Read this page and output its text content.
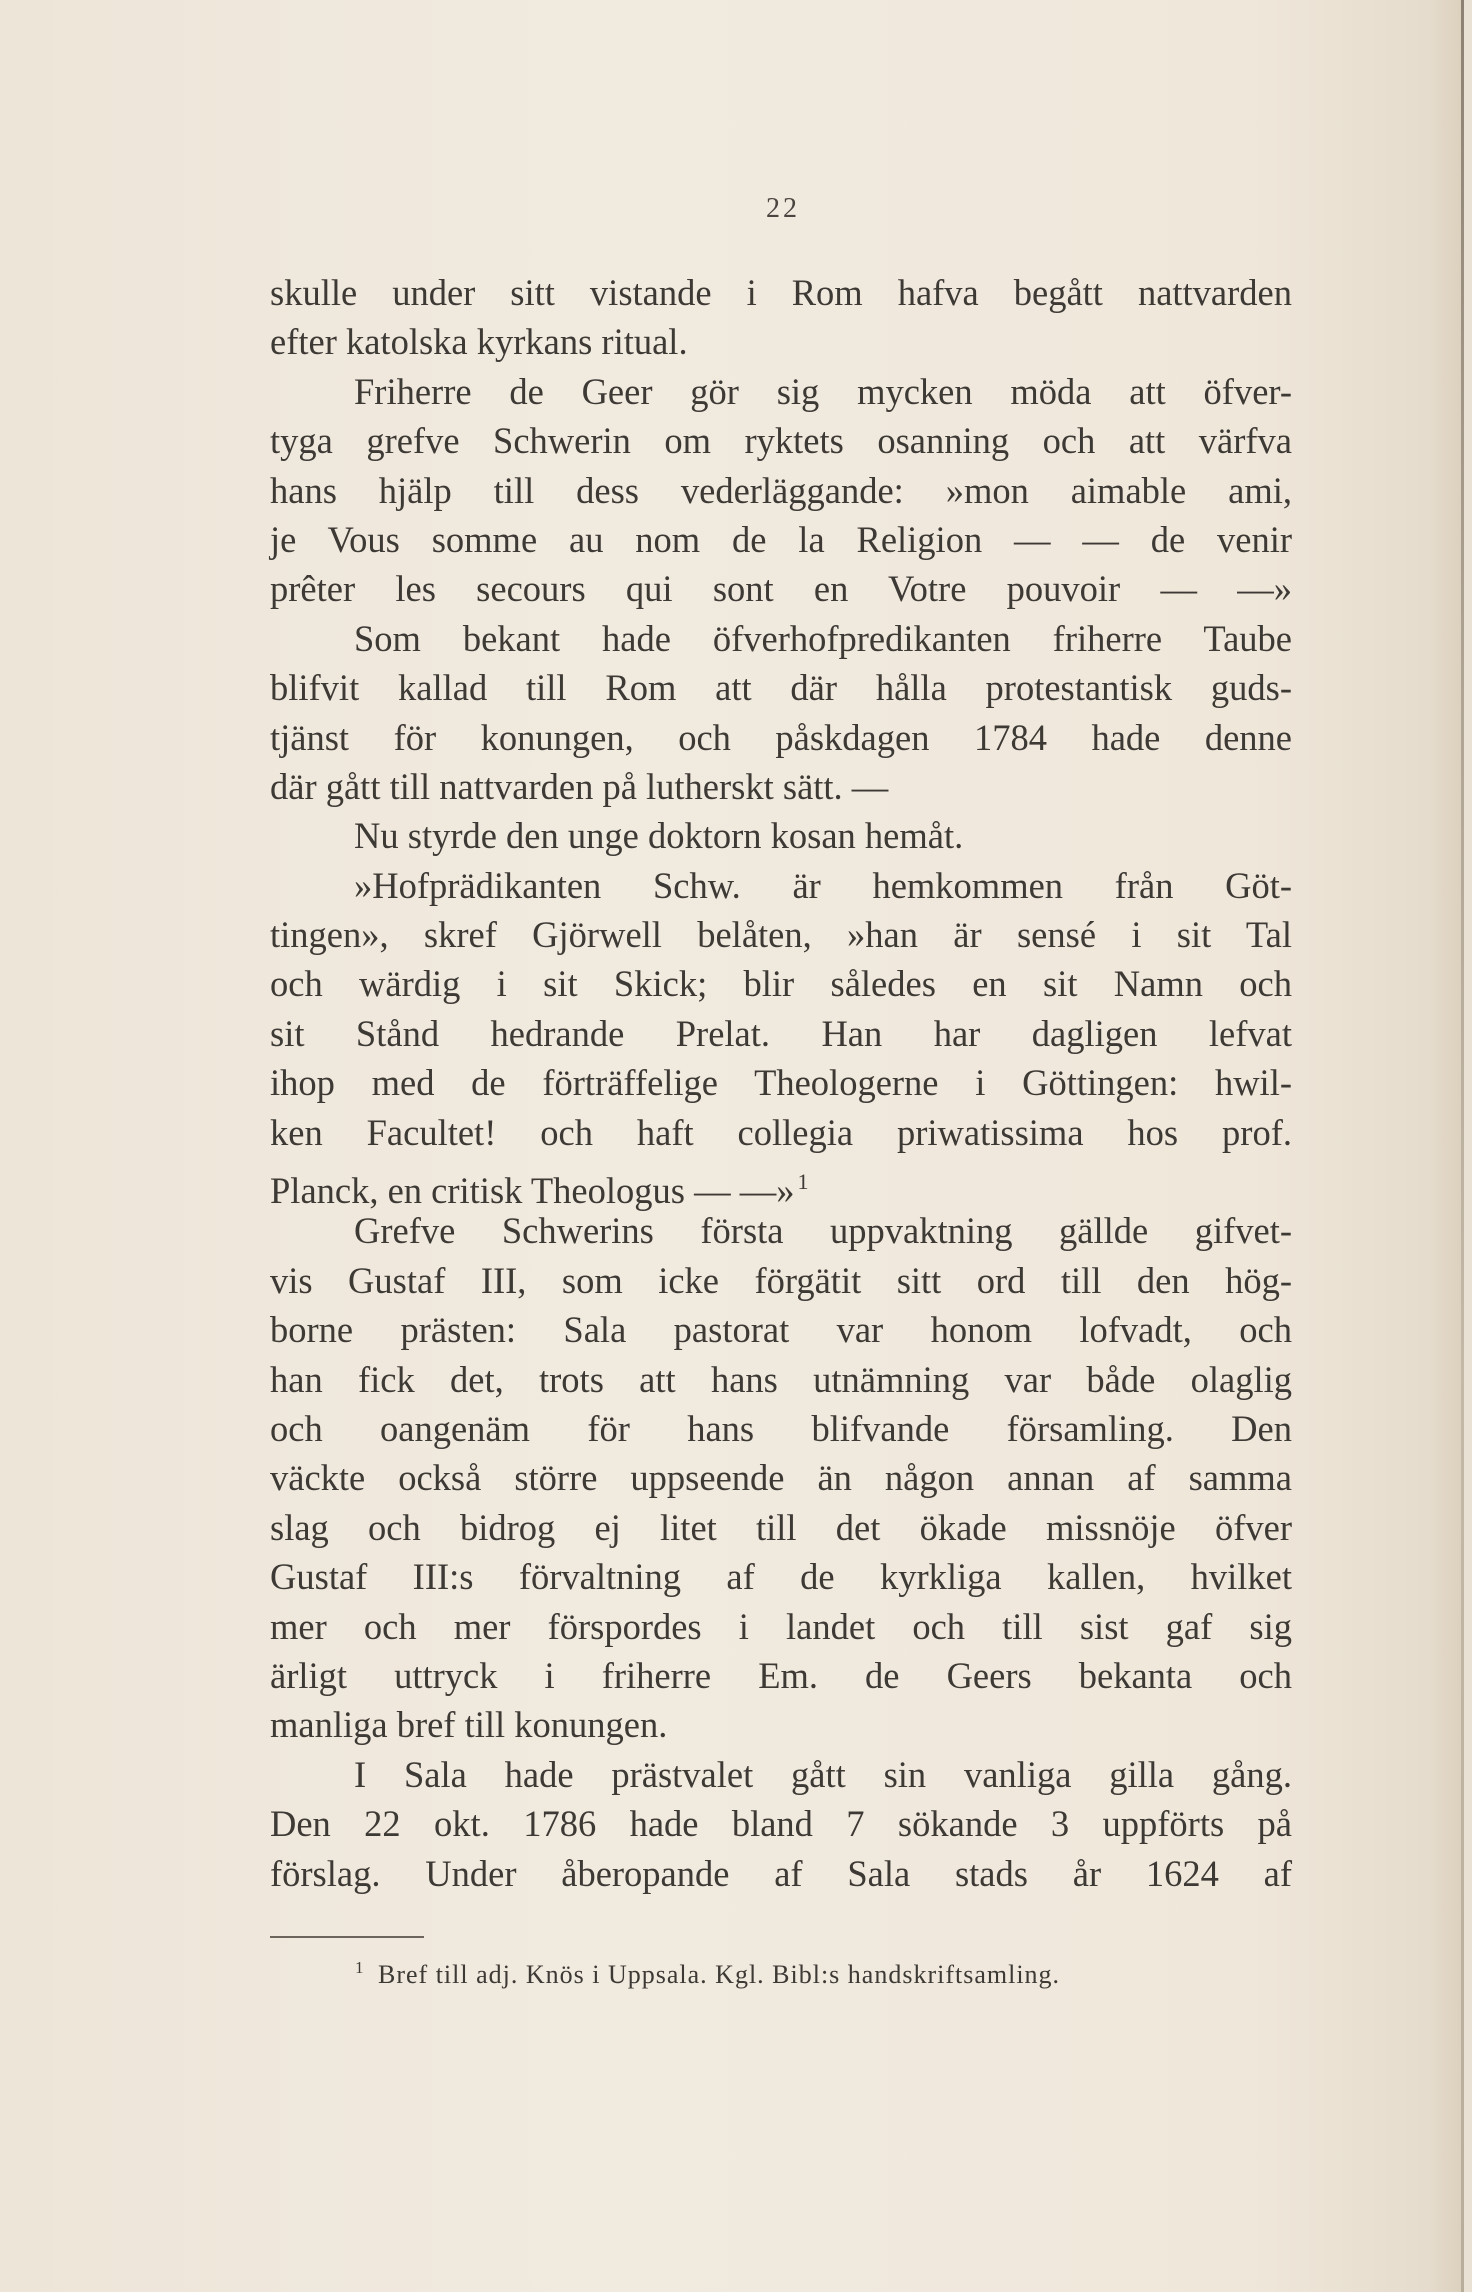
22
skulle under sitt vistande i Rom hafva begått nattvarden
efter katolska kyrkans ritual.
Friherre de Geer gör sig mycken möda att öfver-
tyga grefve Schwerin om ryktets osanning och att värfva
hans hjälp till dess vederläggande: »mon aimable ami,
je Vous somme au nom de la Religion — — de venir
prêter les secours qui sont en Votre pouvoir — —»
Som bekant hade öfverhofpredikanten friherre Taube
blifvit kallad till Rom att där hålla protestantisk guds-
tjänst för konungen, och påskdagen 1784 hade denne
där gått till nattvarden på lutherskt sätt. —
Nu styrde den unge doktorn kosan hemåt.
»Hofprädikanten Schw. är hemkommen från Göt-
tingen», skref Gjörwell belåten, »han är sensé i sit Tal
och wärdig i sit Skick; blir således en sit Namn och
sit Stånd hedrande Prelat. Han har dagligen lefvat
ihop med de förträffelige Theologerne i Göttingen: hwil-
ken Facultet! och haft collegia priwatissima hos prof.
Planck, en critisk Theologus — —» $^1$
Grefve Schwerins första uppvaktning gällde gifvet-
vis Gustaf III, som icke förgätit sitt ord till den hög-
borne prästen: Sala pastorat var honom lofvadt, och
han fick det, trots att hans utnämning var både olaglig
och oangenäm för hans blifvande församling. Den
väckte också större uppseende än någon annan af samma
slag och bidrog ej litet till det ökade missnöje öfver
Gustaf III:s förvaltning af de kyrkliga kallen, hvilket
mer och mer förspordes i landet och till sist gaf sig
ärligt uttryck i friherre Em. de Geers bekanta och
manliga bref till konungen.
I Sala hade prästvalet gått sin vanliga gilla gång.
Den 22 okt. 1786 hade bland 7 sökande 3 uppförts på
förslag. Under åberopande af Sala stads år 1624 af
1 Bref till adj. Knös i Uppsala. Kgl. Bibl:s handskriftsamling.
